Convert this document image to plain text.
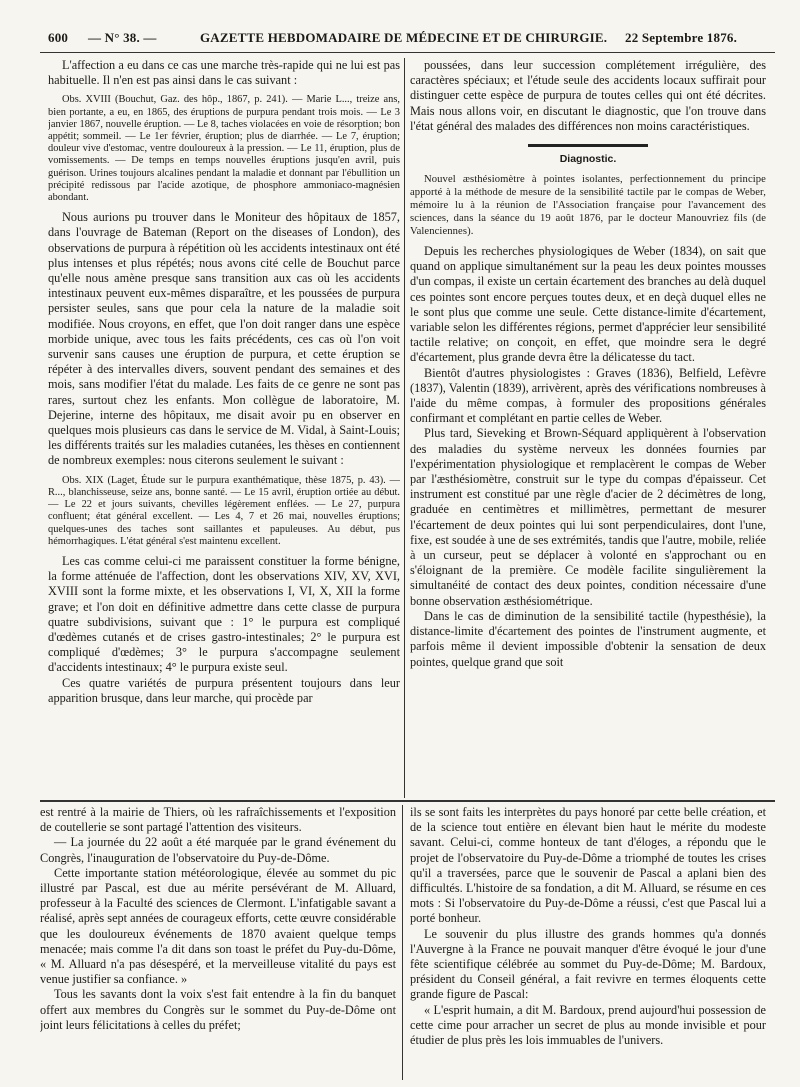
600 — N° 38. —	GAZETTE HEBDOMADAIRE DE MÉDECINE ET DE CHIRURGIE. 22 Septembre 1876.

L'affection a eu dans ce cas une marche très-rapide qui ne lui est pas habituelle. Il n'en est pas ainsi dans le cas suivant :

Obs. XVIII (Bouchut, Gaz. des hôp., 1867, p. 241). — Marie L..., treize ans, bien portante, a eu, en 1865, des éruptions de purpura pendant trois mois. — Le 3 janvier 1867, nouvelle éruption. — Le 8, taches violacées en voie de résorption; bon appétit; sommeil. — Le 1er février, éruption; plus de diarrhée. — Le 7, éruption; douleur vive d'estomac, ventre douloureux à la pression. — Le 11, éruption, plus de vomissements. — De temps en temps nouvelles éruptions jusqu'en avril, puis guérison. Urines toujours alcalines pendant la maladie et donnant par l'ébullition un précipité redissous par l'acide azotique, de phosphore ammoniaco-magnésien abondant.

Nous aurions pu trouver dans le Moniteur des hôpitaux de 1857, dans l'ouvrage de Bateman (Report on the diseases of London), des observations de purpura à répétition où les accidents intestinaux ont été plus intenses et plus répétés; nous avons cité celle de Bouchut parce qu'elle nous amène presque sans transition aux cas où les accidents intestinaux peuvent eux-mêmes disparaître, et les poussées de purpura persister seules, sans que pour cela la nature de la maladie soit modifiée. Nous croyons, en effet, que l'on doit ranger dans une espèce morbide unique, avec tous les faits précédents, ces cas où l'on voit survenir sans causes une éruption de purpura, et cette éruption se répéter à des intervalles divers, souvent pendant des semaines et des mois, sans modifier l'état du malade. Les faits de ce genre ne sont pas rares, surtout chez les enfants. Mon collègue de laboratoire, M. Dejerine, interne des hôpitaux, me disait avoir pu en observer en quelques mois plusieurs cas dans le service de M. Vidal, à Saint-Louis; les différents traités sur les maladies cutanées, les thèses en contiennent de nombreux exemples: nous citerons seulement le suivant :

Obs. XIX (Laget, Étude sur le purpura exanthématique, thèse 1875, p. 43). — R..., blanchisseuse, seize ans, bonne santé. — Le 15 avril, éruption ortiée au début. — Le 22 et jours suivants, chevilles légèrement enflées. — Le 27, purpura confluent; état général excellent. — Les 4, 7 et 26 mai, nouvelles éruptions; quelques-unes des taches sont saillantes et papuleuses. Au début, pus hémorrhagiques. L'état général s'est maintenu excellent.

Les cas comme celui-ci me paraissent constituer la forme bénigne, la forme atténuée de l'affection, dont les observations XIV, XV, XVI, XVIII sont la forme mixte, et les observations I, VI, X, XII la forme grave; et l'on doit en définitive admettre dans cette classe de purpura quatre subdivisions, suivant que : 1° le purpura est compliqué d'œdèmes cutanés et de crises gastro-intestinales; 2° le purpura est compliqué d'œdèmes; 3° le purpura s'accompagne seulement d'accidents intestinaux; 4° le purpura existe seul.

Ces quatre variétés de purpura présentent toujours dans leur apparition brusque, dans leur marche, qui procède par

poussées, dans leur succession complétement irrégulière, des caractères spéciaux; et l'étude seule des accidents locaux suffirait pour distinguer cette espèce de purpura de toutes celles qui ont été décrites. Mais nous allons voir, en discutant le diagnostic, que l'on trouve dans l'état général des malades des différences non moins caractéristiques.

Diagnostic.

Nouvel æsthésiomètre à pointes isolantes, perfectionnement du principe apporté à la méthode de mesure de la sensibilité tactile par le compas de Weber, mémoire lu à la réunion de l'Association française pour l'avancement des sciences, dans la séance du 19 août 1876, par le docteur Manouvriez fils (de Valenciennes).

Depuis les recherches physiologiques de Weber (1834), on sait que quand on applique simultanément sur la peau les deux pointes mousses d'un compas, il existe un certain écartement des branches au delà duquel ces pointes sont encore perçues toutes deux, et en deçà duquel elles ne le sont plus que comme une seule. Cette distance-limite d'écartement, variable selon les différentes régions, permet d'apprécier leur sensibilité tactile relative; on conçoit, en effet, que moindre sera le degré d'écartement, plus grande devra être la délicatesse du tact.

Bientôt d'autres physiologistes : Graves (1836), Belfield, Lefèvre (1837), Valentin (1839), arrivèrent, après des vérifications nombreuses à l'aide du même compas, à formuler des propositions générales confirmant et complétant en partie celles de Weber.

Plus tard, Sieveking et Brown-Séquard appliquèrent à l'observation des maladies du système nerveux les données fournies par l'expérimentation physiologique et remplacèrent le compas de Weber par l'æsthésiomètre, construit sur le type du compas d'épaisseur. Cet instrument est constitué par une règle d'acier de 2 décimètres de long, graduée en centimètres et millimètres, permettant de mesurer l'écartement de deux pointes qui lui sont perpendiculaires, dont l'une, fixe, est soudée à une de ses extrémités, tandis que l'autre, mobile, reliée à un curseur, peut se déplacer à volonté en s'approchant ou en s'éloignant de la première. Ce modèle facilite singulièrement la simultanéité de contact des deux pointes, condition nécessaire d'une bonne observation æsthésiométrique.

Dans le cas de diminution de la sensibilité tactile (hypesthésie), la distance-limite d'écartement des pointes de l'instrument augmente, et parfois même il devient impossible d'obtenir la sensation de deux pointes, quelque grand que soit

est rentré à la mairie de Thiers, où les rafraîchissements et l'exposition de coutellerie se sont partagé l'attention des visiteurs.

— La journée du 22 août a été marquée par le grand événement du Congrès, l'inauguration de l'observatoire du Puy-de-Dôme.

Cette importante station météorologique, élevée au sommet du pic illustré par Pascal, est due au mérite persévérant de M. Alluard, professeur à la Faculté des sciences de Clermont. L'infatigable savant a réalisé, après sept années de courageux efforts, cette œuvre considérable que les douloureux événements de 1870 avaient quelque temps menacée; mais comme l'a dit dans son toast le préfet du Puy-du-Dôme, « M. Alluard n'a pas désespéré, et la merveilleuse vitalité du pays est venue justifier sa confiance. »

Tous les savants dont la voix s'est fait entendre à la fin du banquet offert aux membres du Congrès sur le sommet du Puy-de-Dôme ont joint leurs félicitations à celles du préfet;

ils se sont faits les interprètes du pays honoré par cette belle création, et de la science tout entière en élevant bien haut le mérite du modeste savant. Celui-ci, comme honteux de tant d'éloges, a répondu que le projet de l'observatoire du Puy-de-Dôme a triomphé de toutes les crises qu'il a traversées, parce que le souvenir de Pascal a aplani bien des difficultés. L'histoire de sa fondation, a dit M. Alluard, se résume en ces mots : Si l'observatoire du Puy-de-Dôme a réussi, c'est que Pascal lui a porté bonheur.

Le souvenir du plus illustre des grands hommes qu'a donnés l'Auvergne à la France ne pouvait manquer d'être évoqué le jour d'une fête scientifique célébrée au sommet du Puy-de-Dôme; M. Bardoux, président du Conseil général, a fait revivre en termes éloquents cette grande figure de Pascal:

« L'esprit humain, a dit M. Bardoux, prend aujourd'hui possession de cette cime pour arracher un secret de plus au monde invisible et pour étudier de plus près les lois immuables de l'univers.
